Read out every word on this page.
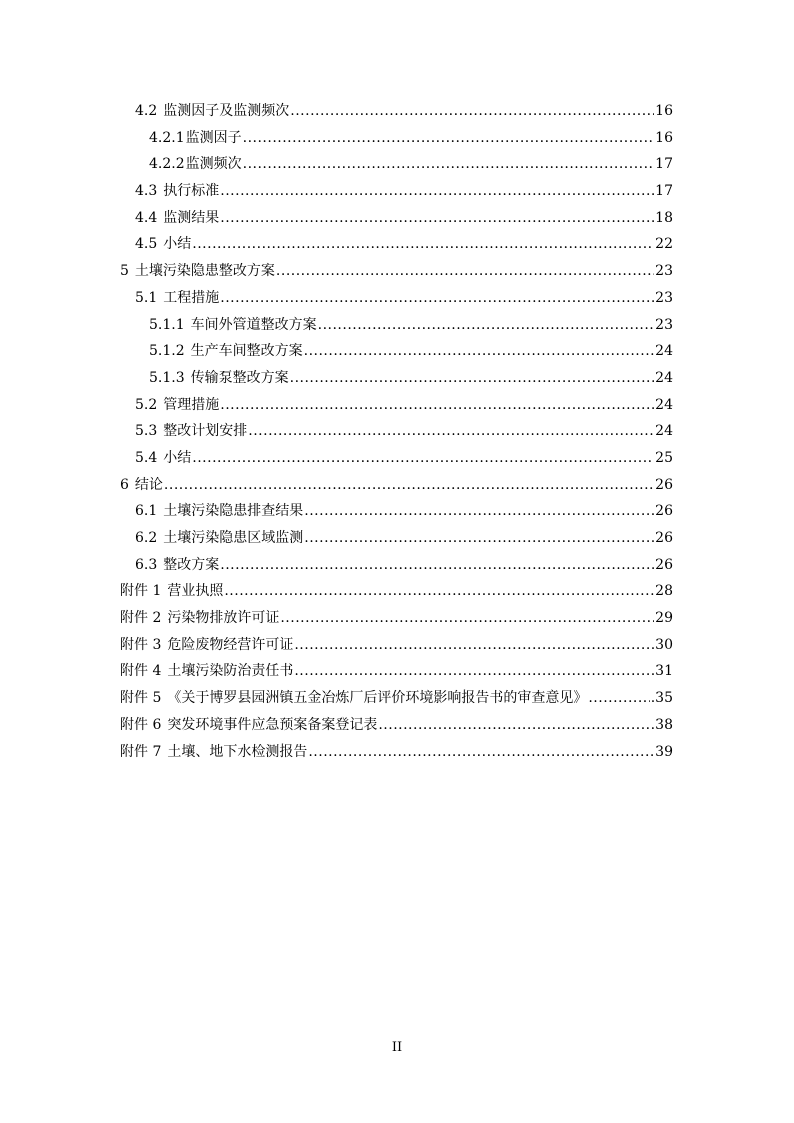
4.2 监测因子及监测频次 .....	16
4.2.1 监测因子 .....	16
4.2.2 监测频次 .....	17
4.3 执行标准 .....	17
4.4 监测结果 .....	18
4.5 小结 .....	22
5 土壤污染隐患整改方案 .....	23
5.1 工程措施 .....	23
5.1.1 车间外管道整改方案 .....	23
5.1.2 生产车间整改方案 .....	24
5.1.3 传输泵整改方案 .....	24
5.2 管理措施 .....	24
5.3 整改计划安排 .....	24
5.4 小结 .....	25
6 结论 .....	26
6.1 土壤污染隐患排查结果 .....	26
6.2 土壤污染隐患区域监测 .....	26
6.3 整改方案 .....	26
附件 1 营业执照 .....	28
附件 2 污染物排放许可证 .....	29
附件 3 危险废物经营许可证 .....	30
附件 4 土壤污染防治责任书 .....	31
附件 5 《关于博罗县园洲镇五金冶炼厂后评价环境影响报告书的审查意见》 .....	.35
附件 6 突发环境事件应急预案备案登记表 .....	38
附件 7 土壤、地下水检测报告 .....	39
II
